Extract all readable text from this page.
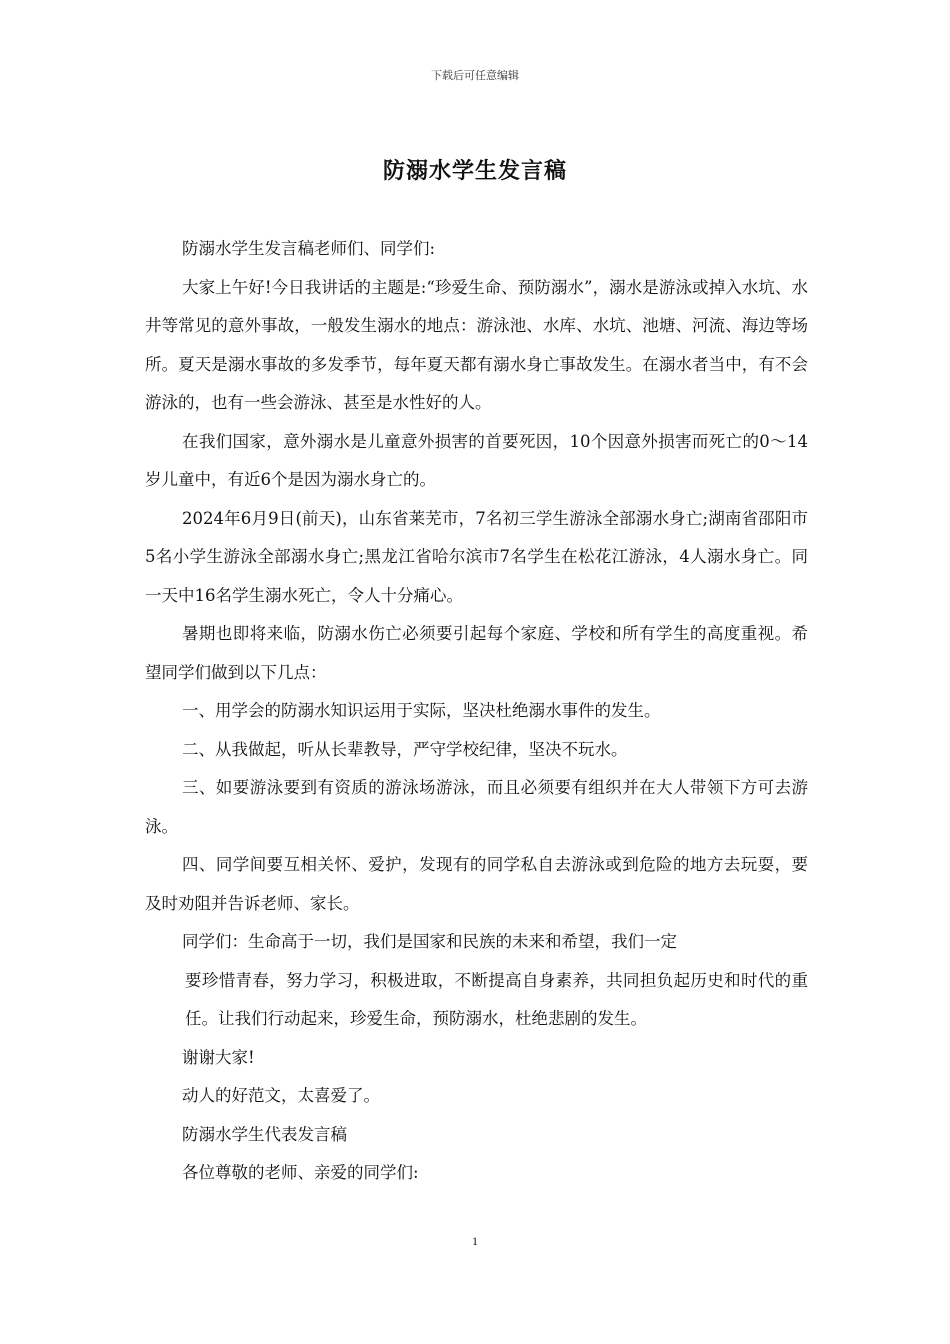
下载后可任意编辑
防溺水学生发言稿

防溺水学生发言稿老师们、同学们:

大家上午好!今日我讲话的主题是:“珍爱生命、预防溺水”，溺水是游泳或掉入水坑、水井等常见的意外事故，一般发生溺水的地点：游泳池、水库、水坑、池塘、河流、海边等场所。夏天是溺水事故的多发季节，每年夏天都有溺水身亡事故发生。在溺水者当中，有不会游泳的，也有一些会游泳、甚至是水性好的人。

在我们国家，意外溺水是儿童意外损害的首要死因，10个因意外损害而死亡的0～14岁儿童中，有近6个是因为溺水身亡的。

2024年6月9日(前天)，山东省莱芜市，7名初三学生游泳全部溺水身亡;湖南省邵阳市5名小学生游泳全部溺水身亡;黑龙江省哈尔滨市7名学生在松花江游泳，4人溺水身亡。同一天中16名学生溺水死亡，令人十分痛心。

暑期也即将来临，防溺水伤亡必须要引起每个家庭、学校和所有学生的高度重视。希望同学们做到以下几点：

一、用学会的防溺水知识运用于实际，坚决杜绝溺水事件的发生。

二、从我做起，听从长辈教导，严守学校纪律，坚决不玩水。

三、如要游泳要到有资质的游泳场游泳，而且必须要有组织并在大人带领下方可去游泳。

四、同学间要互相关怀、爱护，发现有的同学私自去游泳或到危险的地方去玩耍，要及时劝阻并告诉老师、家长。

同学们：生命高于一切，我们是国家和民族的未来和希望，我们一定

要珍惜青春，努力学习，积极进取，不断提高自身素养，共同担负起历史和时代的重任。让我们行动起来，珍爱生命，预防溺水，杜绝悲剧的发生。

谢谢大家!

动人的好范文，太喜爱了。

防溺水学生代表发言稿

各位尊敬的老师、亲爱的同学们:

1
